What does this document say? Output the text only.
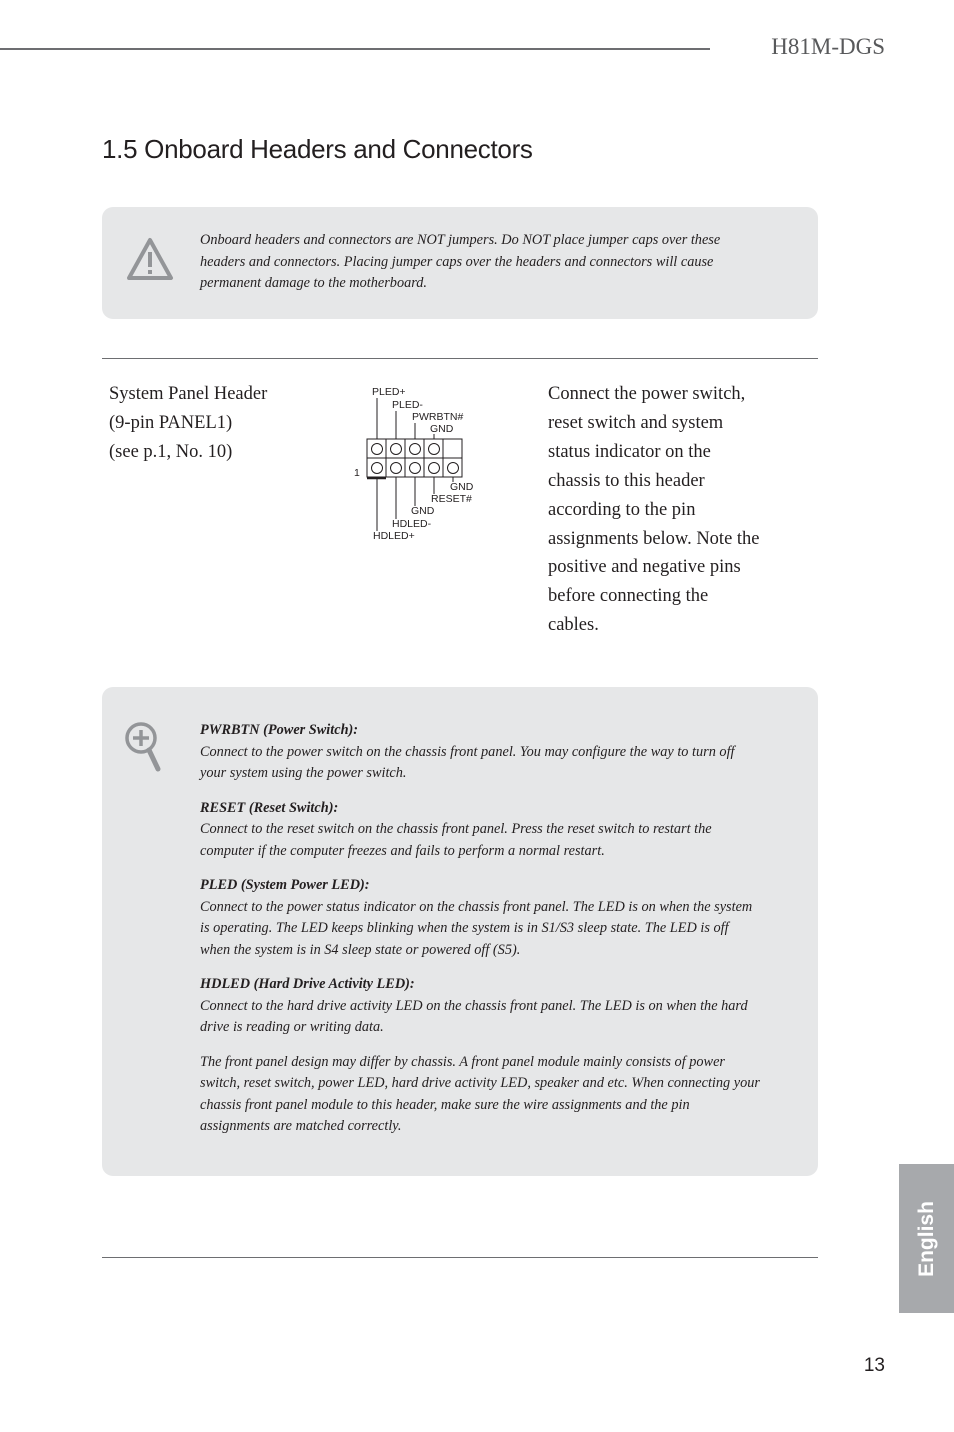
H81M-DGS
1.5 Onboard Headers and Connectors
Onboard headers and connectors are NOT jumpers. Do NOT place jumper caps over these headers and connectors. Placing jumper caps over the headers and connectors will cause permanent damage to the motherboard.
System Panel Header
(9-pin PANEL1)
(see p.1, No. 10)
PLED+
PLED-
PWRBTN#
GND
1
GND
RESET#
GND
HDLED-
HDLED+
Connect the power switch, reset switch and system status indicator on the chassis to this header according to the pin assignments below. Note the positive and negative pins before connecting the cables.
PWRBTN (Power Switch):
Connect to the power switch on the chassis front panel. You may configure the way to turn off your system using the power switch.
RESET (Reset Switch):
Connect to the reset switch on the chassis front panel. Press the reset switch to restart the computer if the computer freezes and fails to perform a normal restart.
PLED (System Power LED):
Connect to the power status indicator on the chassis front panel. The LED is on when the system is operating. The LED keeps blinking when the system is in S1/S3 sleep state. The LED is off when the system is in S4 sleep state or powered off (S5).
HDLED (Hard Drive Activity LED):
Connect to the hard drive activity LED on the chassis front panel. The LED is on when the hard drive is reading or writing data.
The front panel design may differ by chassis. A front panel module mainly consists of power switch, reset switch, power LED, hard drive activity LED, speaker and etc. When connecting your chassis front panel module to this header, make sure the wire assignments and the pin assignments are matched correctly.
English
13
